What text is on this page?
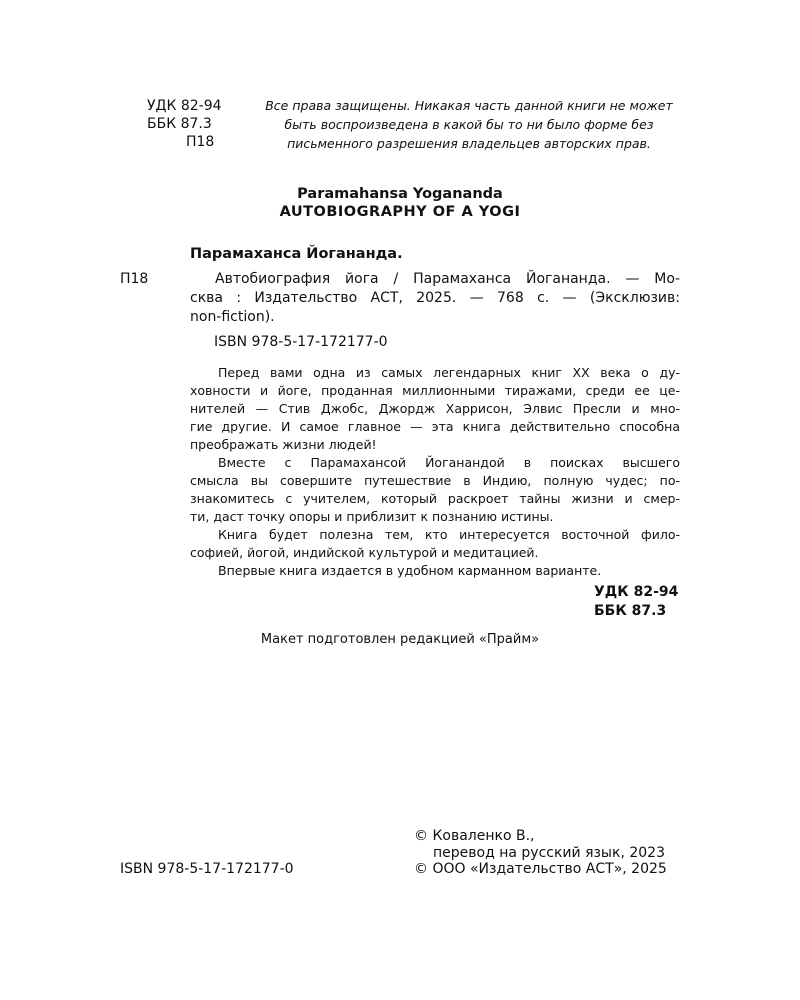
УДК 82-94
ББК 87.3
П18
Все права защищены. Никакая часть данной книги не может
быть воспроизведена в какой бы то ни было форме без
письменного разрешения владельцев авторских прав.
Paramahansa Yogananda
AUTOBIOGRAPHY OF A YOGI
Парамаханса Йогананда.
П18	Автобиография йога / Парамаханса Йогананда. — Мо-
сква : Издательство АСТ, 2025. — 768 с. — (Эксклюзив:
non-fiction).
ISBN 978-5-17-172177-0
Перед вами одна из самых легендарных книг XX века о ду-
ховности и йоге, проданная миллионными тиражами, среди ее це-
нителей — Стив Джобс, Джордж Харрисон, Элвис Пресли и мно-
гие другие. И самое главное — эта книга действительно способна
преображать жизни людей!
Вместе с Парамахансой Йоганандой в поисках высшего
смысла вы совершите путешествие в Индию, полную чудес; по-
знакомитесь с учителем, который раскроет тайны жизни и смер-
ти, даст точку опоры и приблизит к познанию истины.
Книга будет полезна тем, кто интересуется восточной фило-
софией, йогой, индийской культурой и медитацией.
Впервые книга издается в удобном карманном варианте.
УДК 82-94
ББК 87.3
Макет подготовлен редакцией «Прайм»
ISBN 978-5-17-172177-0
© Коваленко В.,
перевод на русский язык, 2023
© ООО «Издательство АСТ», 2025
